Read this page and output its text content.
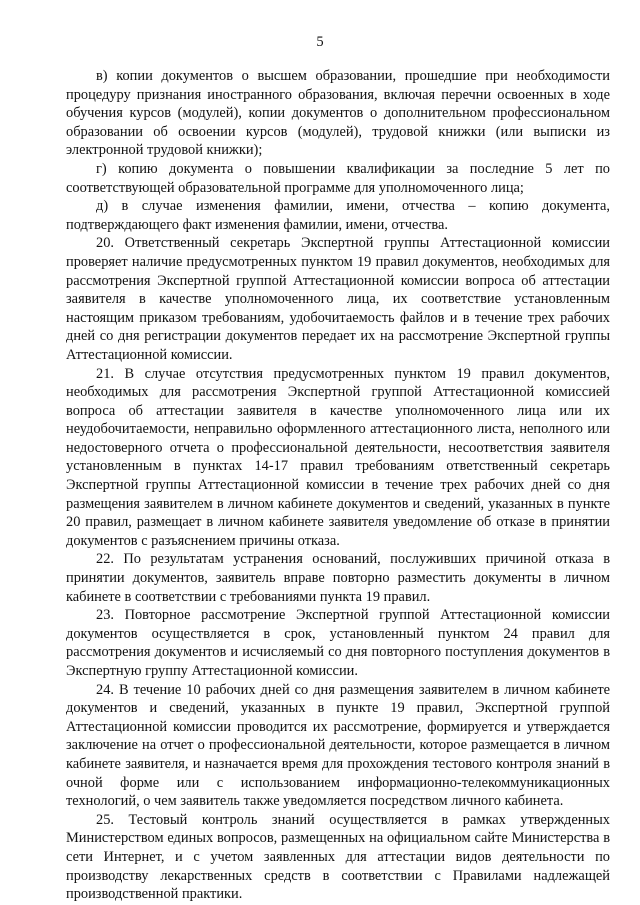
5

в) копии документов о высшем образовании, прошедшие при необходимости процедуру признания иностранного образования, включая перечни освоенных в ходе обучения курсов (модулей), копии документов о дополнительном профессиональном образовании об освоении курсов (модулей), трудовой книжки (или выписки из электронной трудовой книжки);

г) копию документа о повышении квалификации за последние 5 лет по соответствующей образовательной программе для уполномоченного лица;

д) в случае изменения фамилии, имени, отчества – копию документа, подтверждающего факт изменения фамилии, имени, отчества.

20. Ответственный секретарь Экспертной группы Аттестационной комиссии проверяет наличие предусмотренных пунктом 19 правил документов, необходимых для рассмотрения Экспертной группой Аттестационной комиссии вопроса об аттестации заявителя в качестве уполномоченного лица, их соответствие установленным настоящим приказом требованиям, удобочитаемость файлов и в течение трех рабочих дней со дня регистрации документов передает их на рассмотрение Экспертной группы Аттестационной комиссии.

21. В случае отсутствия предусмотренных пунктом 19 правил документов, необходимых для рассмотрения Экспертной группой Аттестационной комиссией вопроса об аттестации заявителя в качестве уполномоченного лица или их неудобочитаемости, неправильно оформленного аттестационного листа, неполного или недостоверного отчета о профессиональной деятельности, несоответствия заявителя установленным в пунктах 14-17 правил требованиям ответственный секретарь Экспертной группы Аттестационной комиссии в течение трех рабочих дней со дня размещения заявителем в личном кабинете документов и сведений, указанных в пункте 20 правил, размещает в личном кабинете заявителя уведомление об отказе в принятии документов с разъяснением причины отказа.

22. По результатам устранения оснований, послуживших причиной отказа в принятии документов, заявитель вправе повторно разместить документы в личном кабинете в соответствии с требованиями пункта 19 правил.

23. Повторное рассмотрение Экспертной группой Аттестационной комиссии документов осуществляется в срок, установленный пунктом 24 правил для рассмотрения документов и исчисляемый со дня повторного поступления документов в Экспертную группу Аттестационной комиссии.

24. В течение 10 рабочих дней со дня размещения заявителем в личном кабинете документов и сведений, указанных в пункте 19 правил, Экспертной группой Аттестационной комиссии проводится их рассмотрение, формируется и утверждается заключение на отчет о профессиональной деятельности, которое размещается в личном кабинете заявителя, и назначается время для прохождения тестового контроля знаний в очной форме или с использованием информационно-телекоммуникационных технологий, о чем заявитель также уведомляется посредством личного кабинета.

25. Тестовый контроль знаний осуществляется в рамках утвержденных Министерством единых вопросов, размещенных на официальном сайте Министерства в сети Интернет, и с учетом заявленных для аттестации видов деятельности по производству лекарственных средств в соответствии с Правилами надлежащей производственной практики.
